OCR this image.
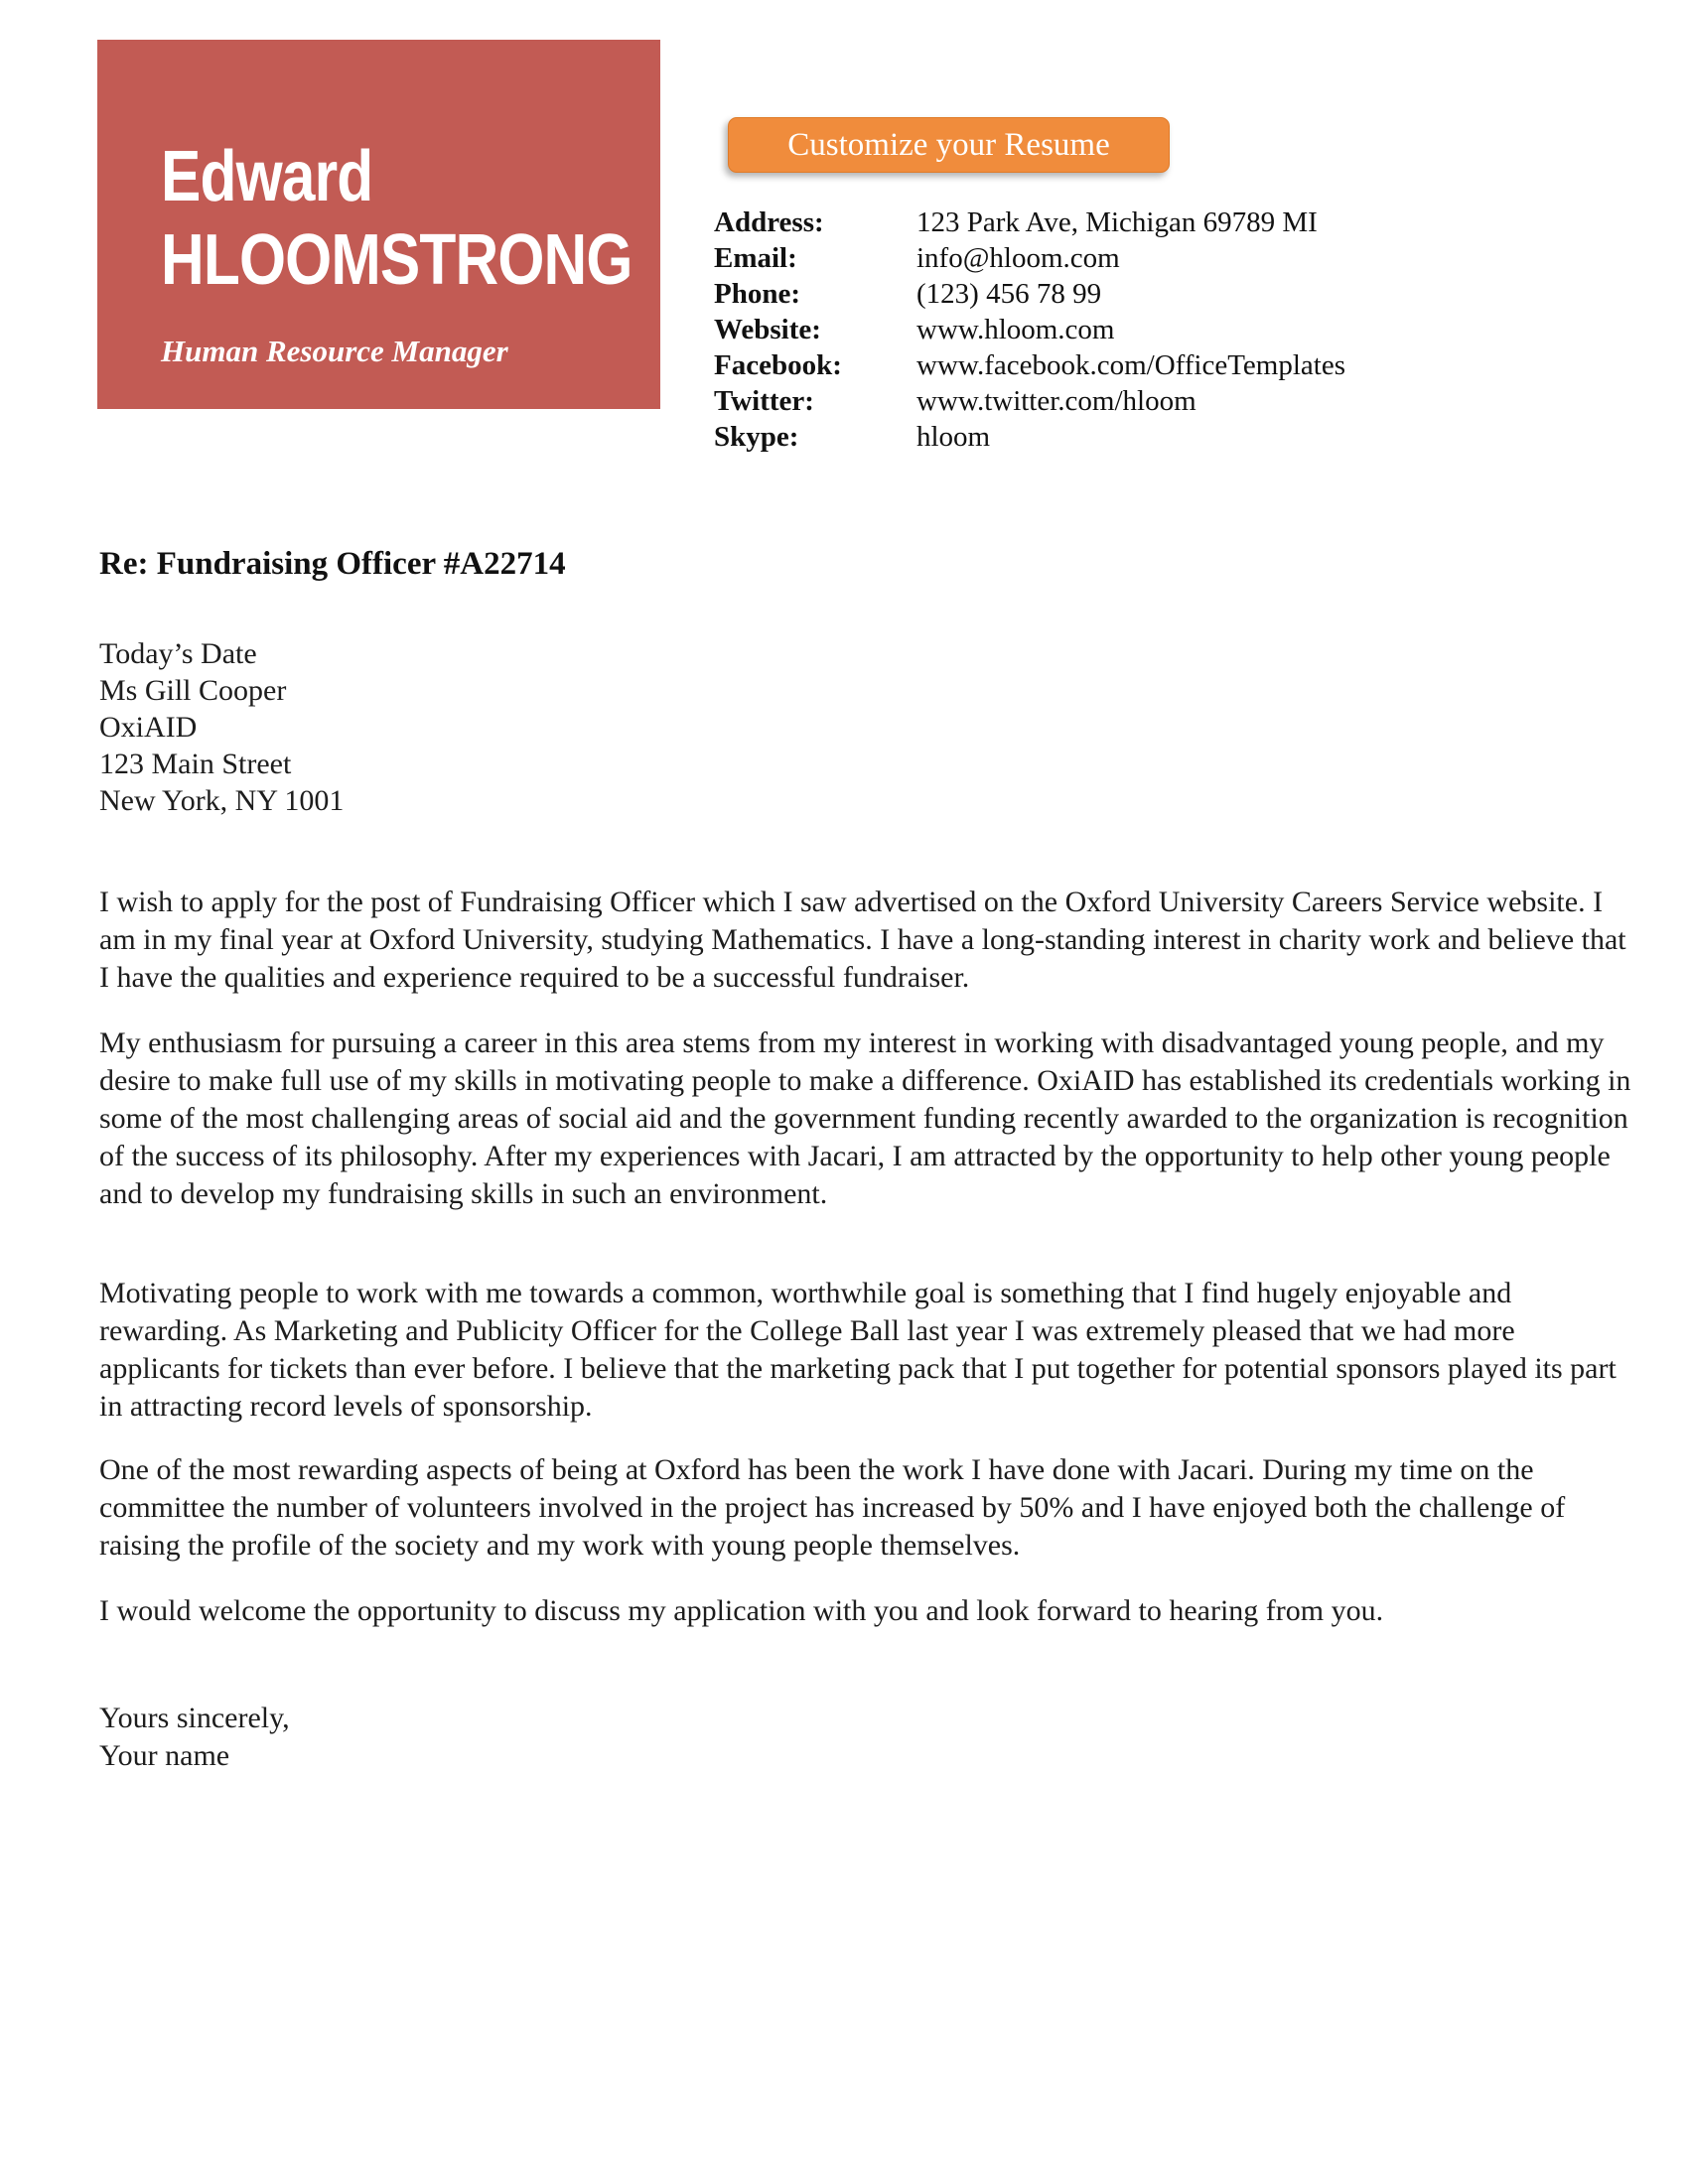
Edward
HLOOMSTRONG
Human Resource Manager
Customize your Resume
Address:	123 Park Ave, Michigan 69789 MI
Email:	info@hloom.com
Phone:	(123) 456 78 99
Website:	www.hloom.com
Facebook:	www.facebook.com/OfficeTemplates
Twitter:	www.twitter.com/hloom
Skype:	hloom
Re: Fundraising Officer #A22714
Today’s Date
Ms Gill Cooper
OxiAID
123 Main Street
New York, NY 1001

I wish to apply for the post of Fundraising Officer which I saw advertised on the Oxford University Careers Service website. I am in my final year at Oxford University, studying Mathematics. I have a long-standing interest in charity work and believe that I have the qualities and experience required to be a successful fundraiser.

My enthusiasm for pursuing a career in this area stems from my interest in working with disadvantaged young people, and my desire to make full use of my skills in motivating people to make a difference. OxiAID has established its credentials working in some of the most challenging areas of social aid and the government funding recently awarded to the organization is recognition of the success of its philosophy. After my experiences with Jacari, I am attracted by the opportunity to help other young people and to develop my fundraising skills in such an environment.

Motivating people to work with me towards a common, worthwhile goal is something that I find hugely enjoyable and rewarding. As Marketing and Publicity Officer for the College Ball last year I was extremely pleased that we had more applicants for tickets than ever before. I believe that the marketing pack that I put together for potential sponsors played its part in attracting record levels of sponsorship.

One of the most rewarding aspects of being at Oxford has been the work I have done with Jacari. During my time on the committee the number of volunteers involved in the project has increased by 50% and I have enjoyed both the challenge of raising the profile of the society and my work with young people themselves.

I would welcome the opportunity to discuss my application with you and look forward to hearing from you.

Yours sincerely,
Your name
